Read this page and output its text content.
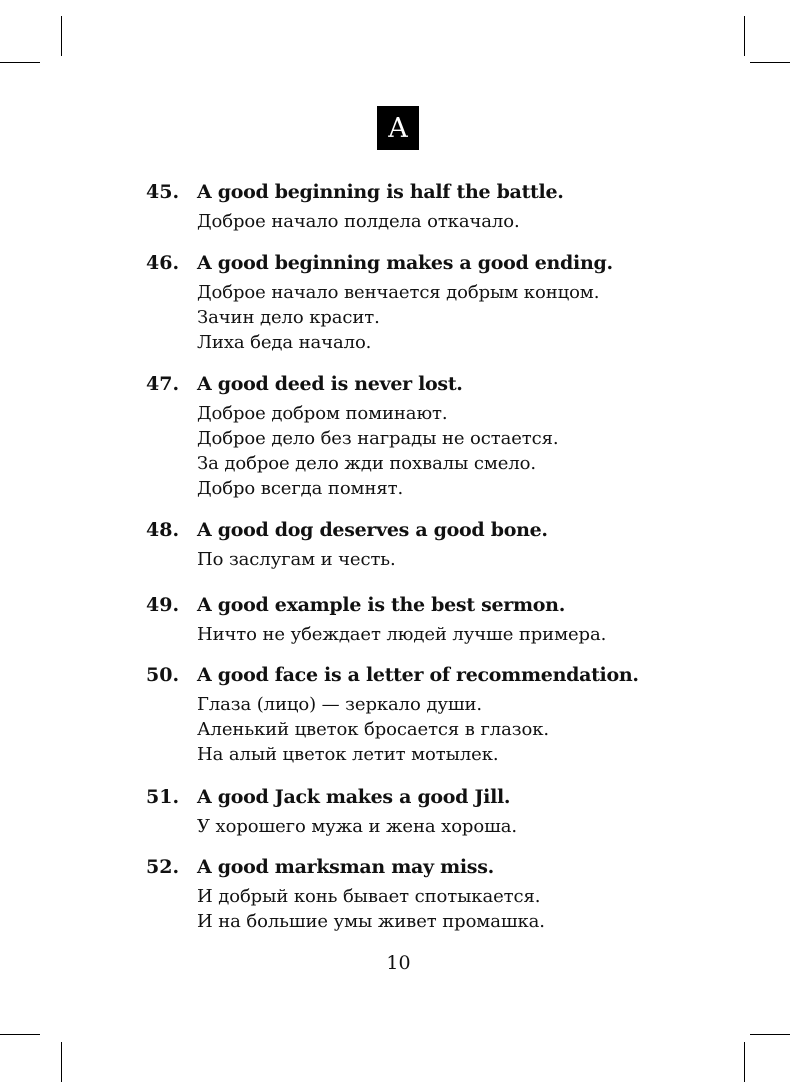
A
45. A good beginning is half the battle.
Доброе начало полдела откачало.
46. A good beginning makes a good ending.
Доброе начало венчается добрым концом.
Зачин дело красит.
Лиха беда начало.
47. A good deed is never lost.
Доброе добром поминают.
Доброе дело без награды не остается.
За доброе дело жди похвалы смело.
Добро всегда помнят.
48. A good dog deserves a good bone.
По заслугам и честь.
49. A good example is the best sermon.
Ничто не убеждает людей лучше примера.
50. A good face is a letter of recommendation.
Глаза (лицо) — зеркало души.
Аленький цветок бросается в глазок.
На алый цветок летит мотылек.
51. A good Jack makes a good Jill.
У хорошего мужа и жена хороша.
52. A good marksman may miss.
И добрый конь бывает спотыкается.
И на большие умы живет промашка.
10
